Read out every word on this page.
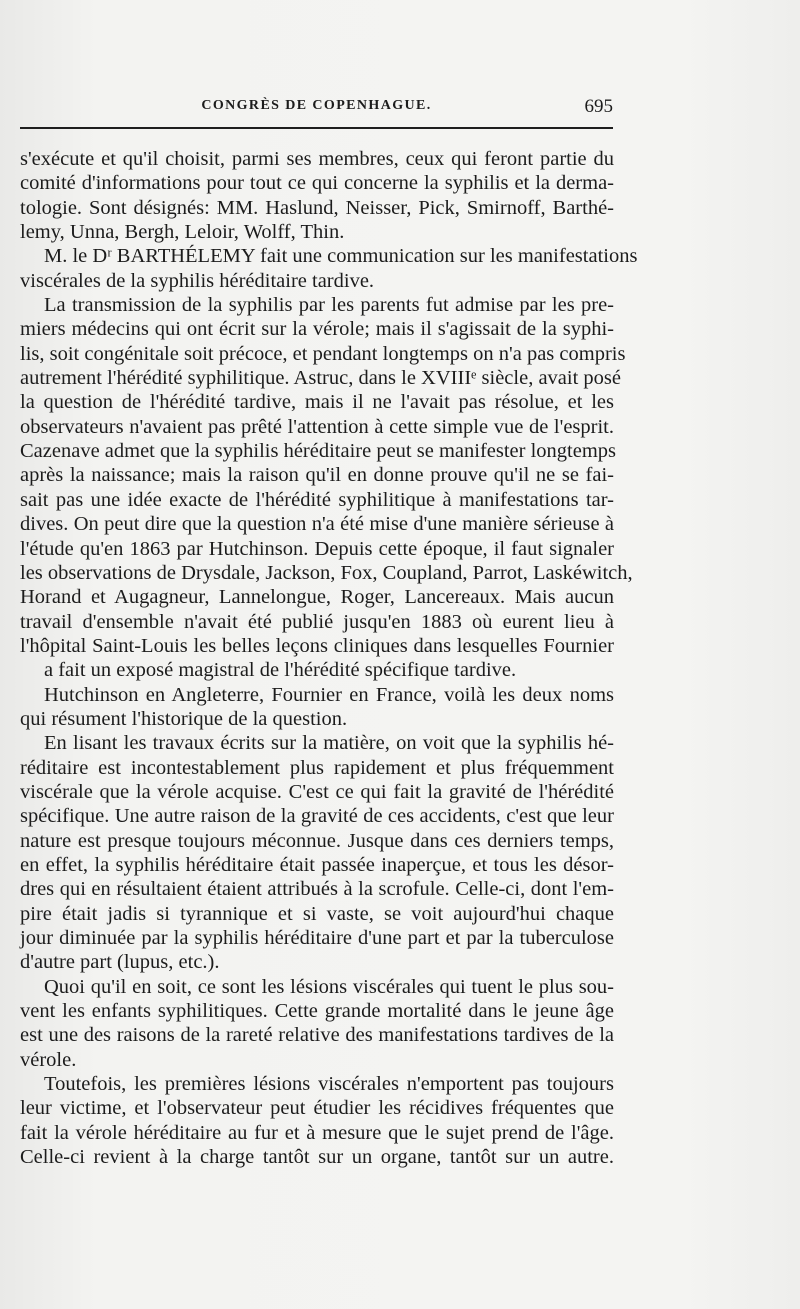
CONGRÈS DE COPENHAGUE.	695
s'exécute et qu'il choisit, parmi ses membres, ceux qui feront partie du
comité d'informations pour tout ce qui concerne la syphilis et la derma-
tologie. Sont désignés: MM. Haslund, Neisser, Pick, Smirnoff, Barthé-
lemy, Unna, Bergh, Leloir, Wolff, Thin.
M. le Dʳ BARTHÉLEMY fait une communication sur les manifestations
viscérales de la syphilis héréditaire tardive.
La transmission de la syphilis par les parents fut admise par les pre-
miers médecins qui ont écrit sur la vérole; mais il s'agissait de la syphi-
lis, soit congénitale soit précoce, et pendant longtemps on n'a pas compris
autrement l'hérédité syphilitique. Astruc, dans le XVIIIᵉ siècle, avait posé
la question de l'hérédité tardive, mais il ne l'avait pas résolue, et les
observateurs n'avaient pas prêté l'attention à cette simple vue de l'esprit.
Cazenave admet que la syphilis héréditaire peut se manifester longtemps
après la naissance; mais la raison qu'il en donne prouve qu'il ne se fai-
sait pas une idée exacte de l'hérédité syphilitique à manifestations tar-
dives. On peut dire que la question n'a été mise d'une manière sérieuse à
l'étude qu'en 1863 par Hutchinson. Depuis cette époque, il faut signaler
les observations de Drysdale, Jackson, Fox, Coupland, Parrot, Laskéwitch,
Horand et Augagneur, Lannelongue, Roger, Lancereaux. Mais aucun
travail d'ensemble n'avait été publié jusqu'en 1883 où eurent lieu à
l'hôpital Saint-Louis les belles leçons cliniques dans lesquelles Fournier
a fait un exposé magistral de l'hérédité spécifique tardive.
Hutchinson en Angleterre, Fournier en France, voilà les deux noms
qui résument l'historique de la question.
En lisant les travaux écrits sur la matière, on voit que la syphilis hé-
réditaire est incontestablement plus rapidement et plus fréquemment
viscérale que la vérole acquise. C'est ce qui fait la gravité de l'hérédité
spécifique. Une autre raison de la gravité de ces accidents, c'est que leur
nature est presque toujours méconnue. Jusque dans ces derniers temps,
en effet, la syphilis héréditaire était passée inaperçue, et tous les désor-
dres qui en résultaient étaient attribués à la scrofule. Celle-ci, dont l'em-
pire était jadis si tyrannique et si vaste, se voit aujourd'hui chaque
jour diminuée par la syphilis héréditaire d'une part et par la tuberculose
d'autre part (lupus, etc.).
Quoi qu'il en soit, ce sont les lésions viscérales qui tuent le plus sou-
vent les enfants syphilitiques. Cette grande mortalité dans le jeune âge
est une des raisons de la rareté relative des manifestations tardives de la
vérole.
Toutefois, les premières lésions viscérales n'emportent pas toujours
leur victime, et l'observateur peut étudier les récidives fréquentes que
fait la vérole héréditaire au fur et à mesure que le sujet prend de l'âge.
Celle-ci revient à la charge tantôt sur un organe, tantôt sur un autre.
